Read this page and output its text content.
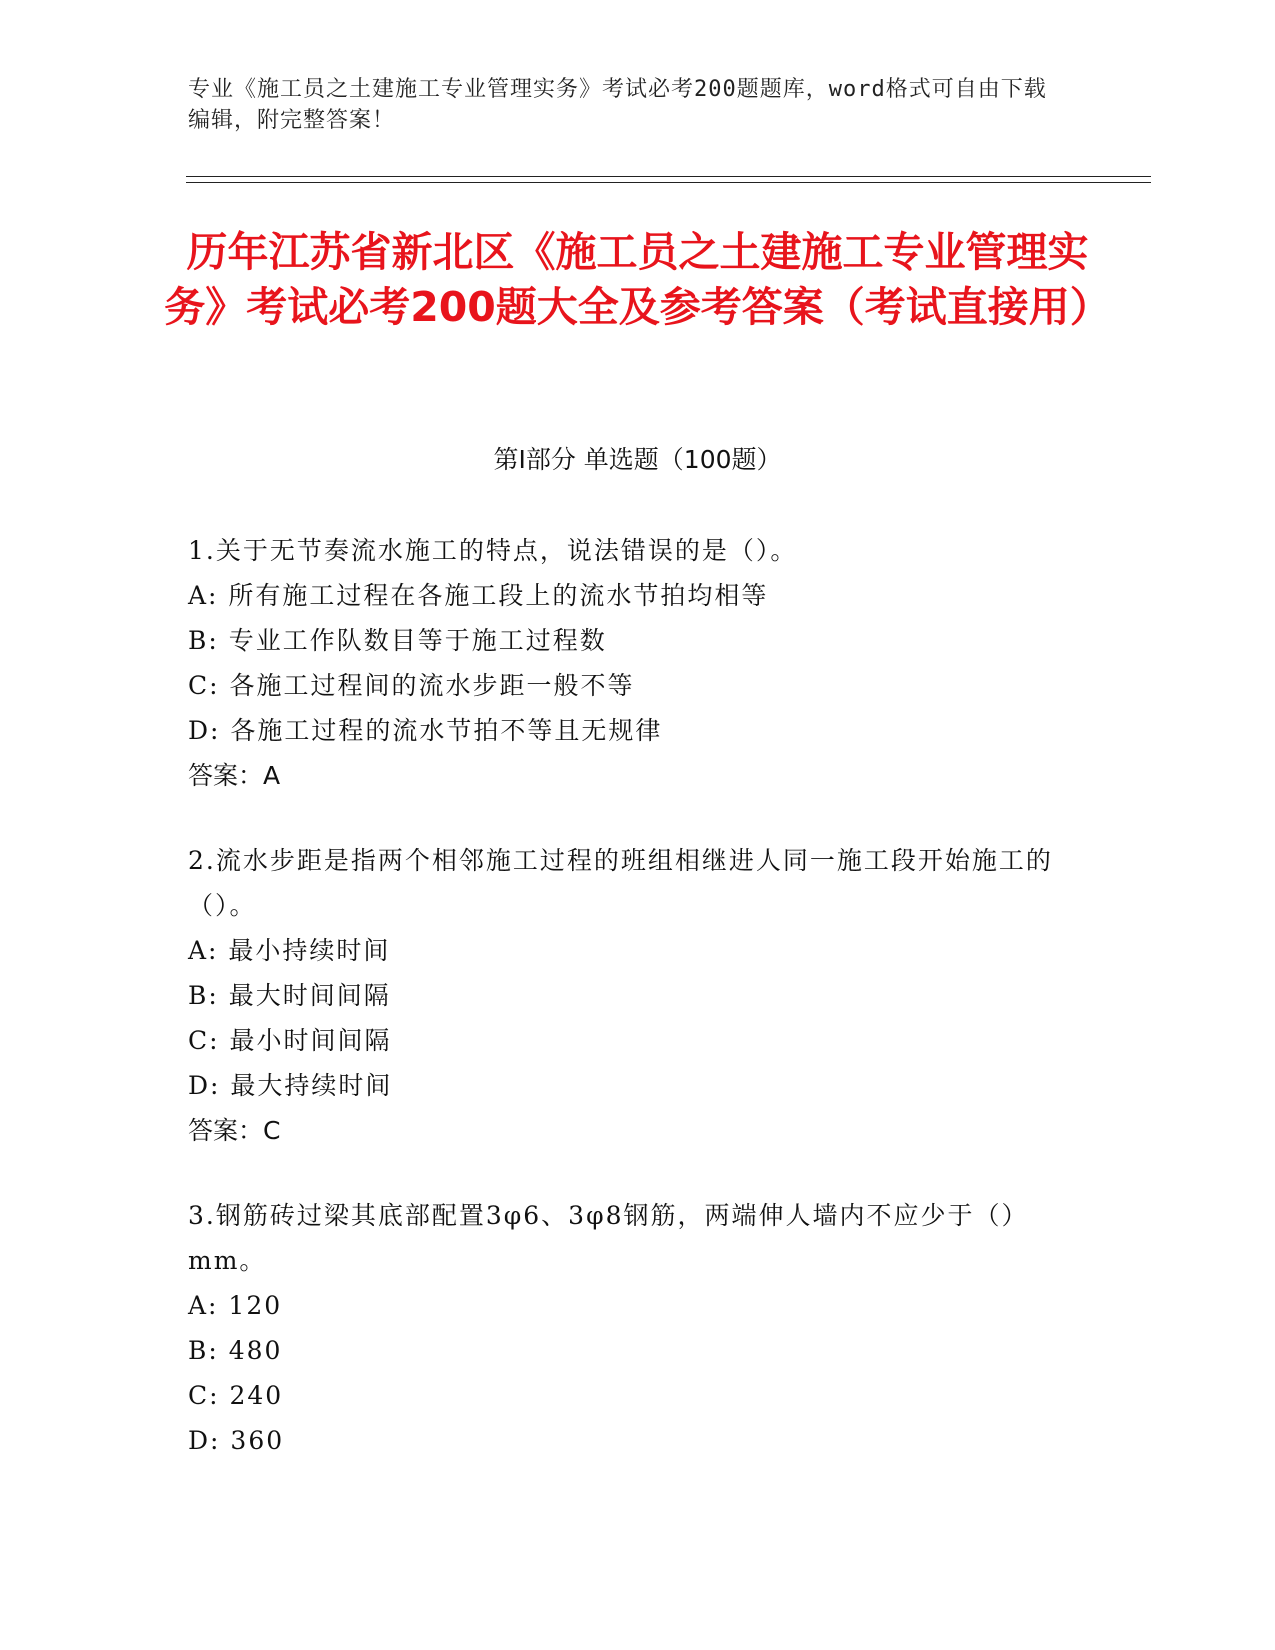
专业《施工员之土建施工专业管理实务》考试必考200题题库，word格式可自由下载编辑，附完整答案！
历年江苏省新北区《施工员之土建施工专业管理实务》考试必考200题大全及参考答案（考试直接用）
第I部分 单选题（100题）
1.关于无节奏流水施工的特点，说法错误的是（）。
A: 所有施工过程在各施工段上的流水节拍均相等
B: 专业工作队数目等于施工过程数
C: 各施工过程间的流水步距一般不等
D: 各施工过程的流水节拍不等且无规律
答案：A
2.流水步距是指两个相邻施工过程的班组相继进人同一施工段开始施工的（）。
A: 最小持续时间
B: 最大时间间隔
C: 最小时间间隔
D: 最大持续时间
答案：C
3.钢筋砖过梁其底部配置3φ6、3φ8钢筋，两端伸人墙内不应少于（）mm。
A: 120
B: 480
C: 240
D: 360
